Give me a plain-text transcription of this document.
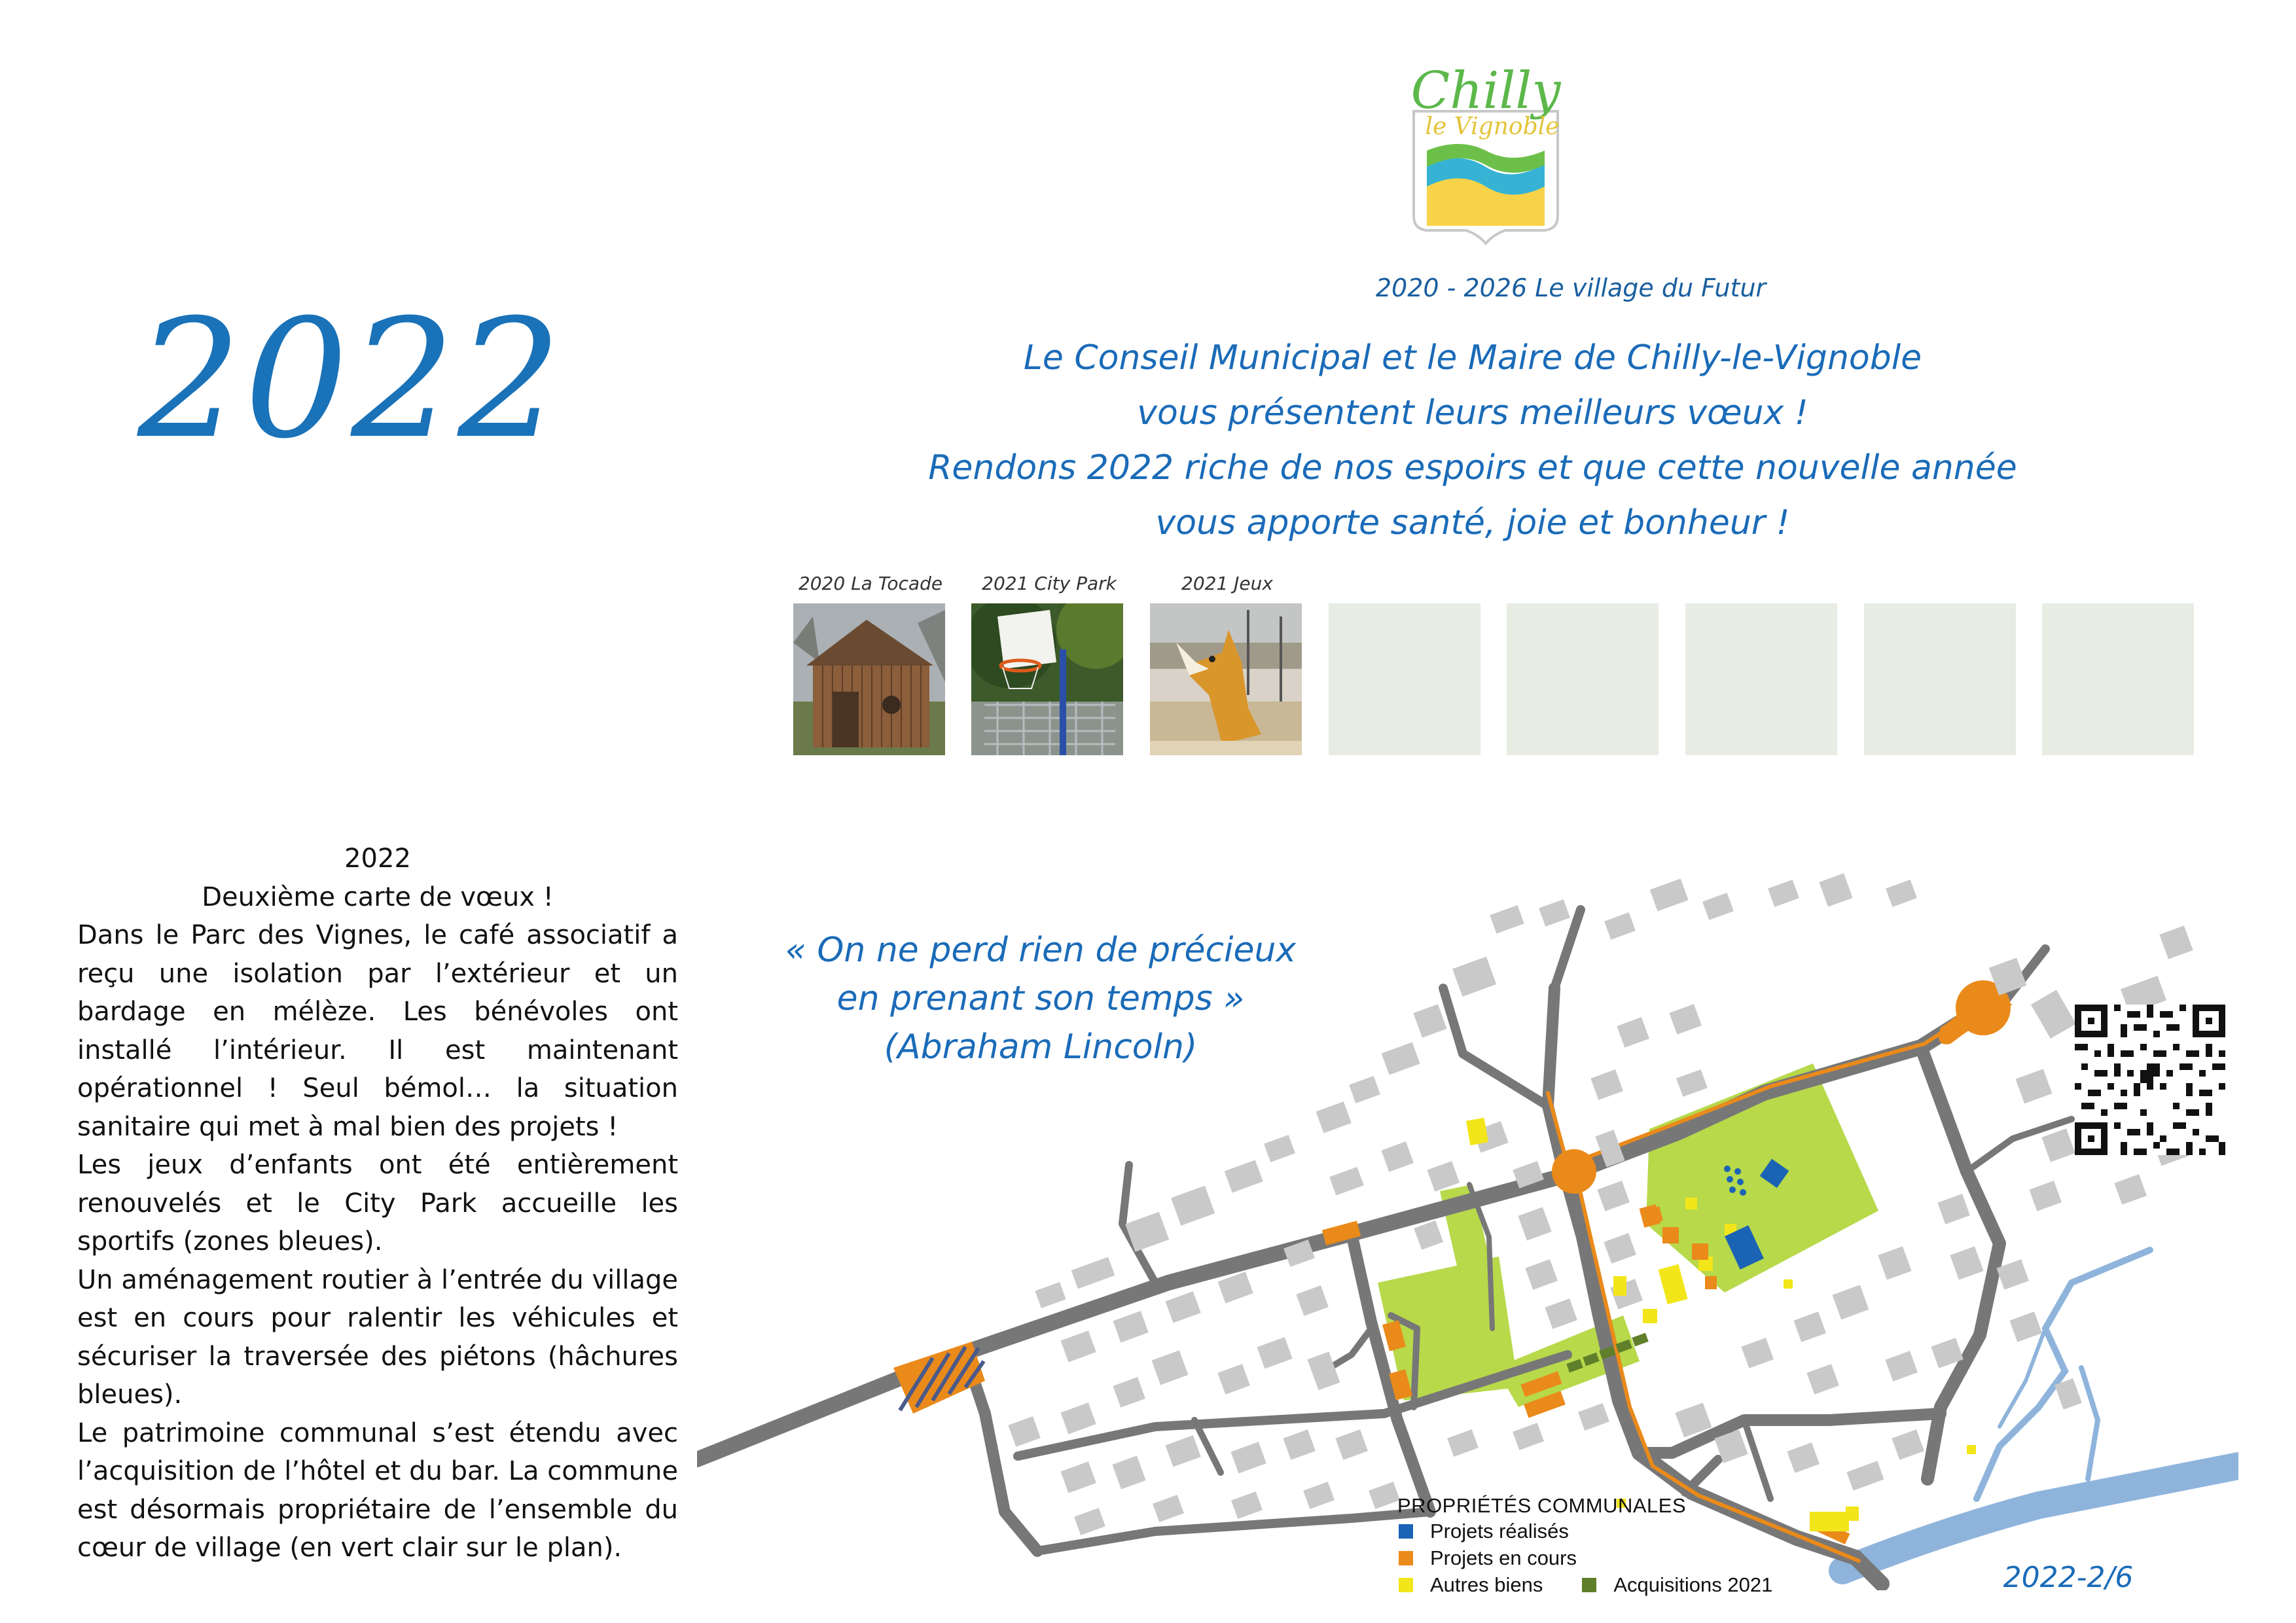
2022
Chilly
le Vignoble
2020 - 2026 Le village du Futur
Le Conseil Municipal et le Maire de Chilly-le-Vignoble
vous présentent leurs meilleurs vœux !
Rendons 2022 riche de nos espoirs et que cette nouvelle année
vous apporte santé, joie et bonheur !
2020 La Tocade	2021 City Park	2021 Jeux
2022
Deuxième carte de vœux !
Dans le Parc des Vignes, le café associatif a reçu une isolation par l’extérieur et un bardage en mélèze. Les bénévoles ont installé l’intérieur. Il est maintenant opérationnel ! Seul bémol… la situation sanitaire qui met à mal bien des projets !
Les jeux d’enfants ont été entièrement renouvelés et le City Park accueille les sportifs (zones bleues).
Un aménagement routier à l’entrée du village est en cours pour ralentir les véhicules et sécuriser la traversée des piétons (hâchures bleues).
Le patrimoine communal s’est étendu avec l’acquisition de l’hôtel et du bar. La commune est désormais propriétaire de l’ensemble du cœur de village (en vert clair sur le plan).
« On ne perd rien de précieux
en prenant son temps »
(Abraham Lincoln)
PROPRIÉTÉS COMMUNALES
Projets réalisés
Projets en cours
Autres biens	Acquisitions 2021	2022-2/6
